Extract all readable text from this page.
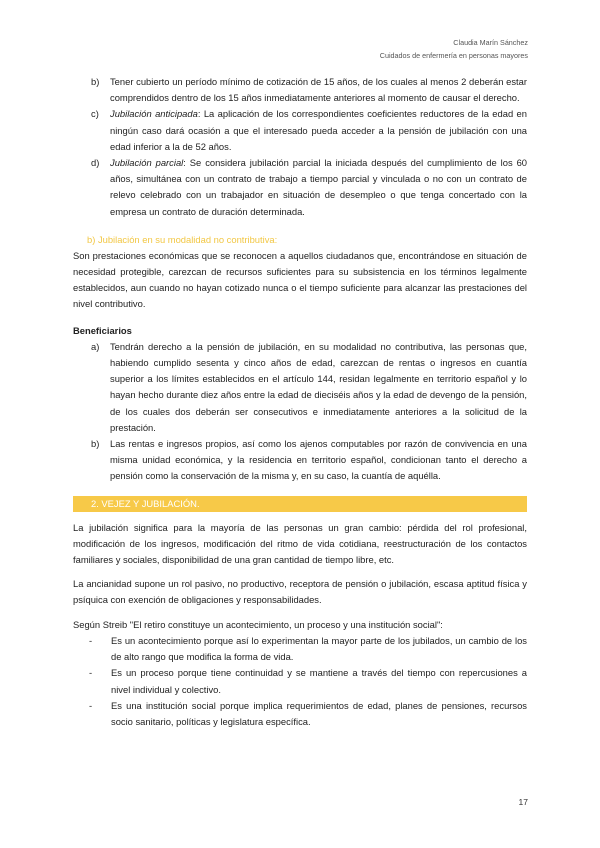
Claudia Marín Sánchez
Cuidados de enfermería en personas mayores
b) Tener cubierto un período mínimo de cotización de 15 años, de los cuales al menos 2 deberán estar comprendidos dentro de los 15 años inmediatamente anteriores al momento de causar el derecho.
c) Jubilación anticipada: La aplicación de los correspondientes coeficientes reductores de la edad en ningún caso dará ocasión a que el interesado pueda acceder a la pensión de jubilación con una edad inferior a la de 52 años.
d) Jubilación parcial: Se considera jubilación parcial la iniciada después del cumplimiento de los 60 años, simultánea con un contrato de trabajo a tiempo parcial y vinculada o no con un contrato de relevo celebrado con un trabajador en situación de desempleo o que tenga concertado con la empresa un contrato de duración determinada.
b) Jubilación en su modalidad no contributiva:

Son prestaciones económicas que se reconocen a aquellos ciudadanos que, encontrándose en situación de necesidad protegible, carezcan de recursos suficientes para su subsistencia en los términos legalmente establecidos, aun cuando no hayan cotizado nunca o el tiempo suficiente para alcanzar las prestaciones del nivel contributivo.

Beneficiarios

a) Tendrán derecho a la pensión de jubilación, en su modalidad no contributiva, las personas que, habiendo cumplido sesenta y cinco años de edad, carezcan de rentas o ingresos en cuantía superior a los límites establecidos en el artículo 144, residan legalmente en territorio español y lo hayan hecho durante diez años entre la edad de dieciséis años y la edad de devengo de la pensión, de los cuales dos deberán ser consecutivos e inmediatamente anteriores a la solicitud de la prestación.
b) Las rentas e ingresos propios, así como los ajenos computables por razón de convivencia en una misma unidad económica, y la residencia en territorio español, condicionan tanto el derecho a pensión como la conservación de la misma y, en su caso, la cuantía de aquélla.
2. VEJEZ Y JUBILACIÓN.

La jubilación significa para la mayoría de las personas un gran cambio: pérdida del rol profesional, modificación de los ingresos, modificación del ritmo de vida cotidiana, reestructuración de los contactos familiares y sociales, disponibilidad de una gran cantidad de tiempo libre, etc.

La ancianidad supone un rol pasivo, no productivo, receptora de pensión o jubilación, escasa aptitud física y psíquica con exención de obligaciones y responsabilidades.

Según Streib "El retiro constituye un acontecimiento, un proceso y una institución social":

- Es un acontecimiento porque así lo experimentan la mayor parte de los jubilados, un cambio de los de alto rango que modifica la forma de vida.
- Es un proceso porque tiene continuidad y se mantiene a través del tiempo con repercusiones a nivel individual y colectivo.
- Es una institución social porque implica requerimientos de edad, planes de pensiones, recursos socio sanitario, políticas y legislatura específica.
17
